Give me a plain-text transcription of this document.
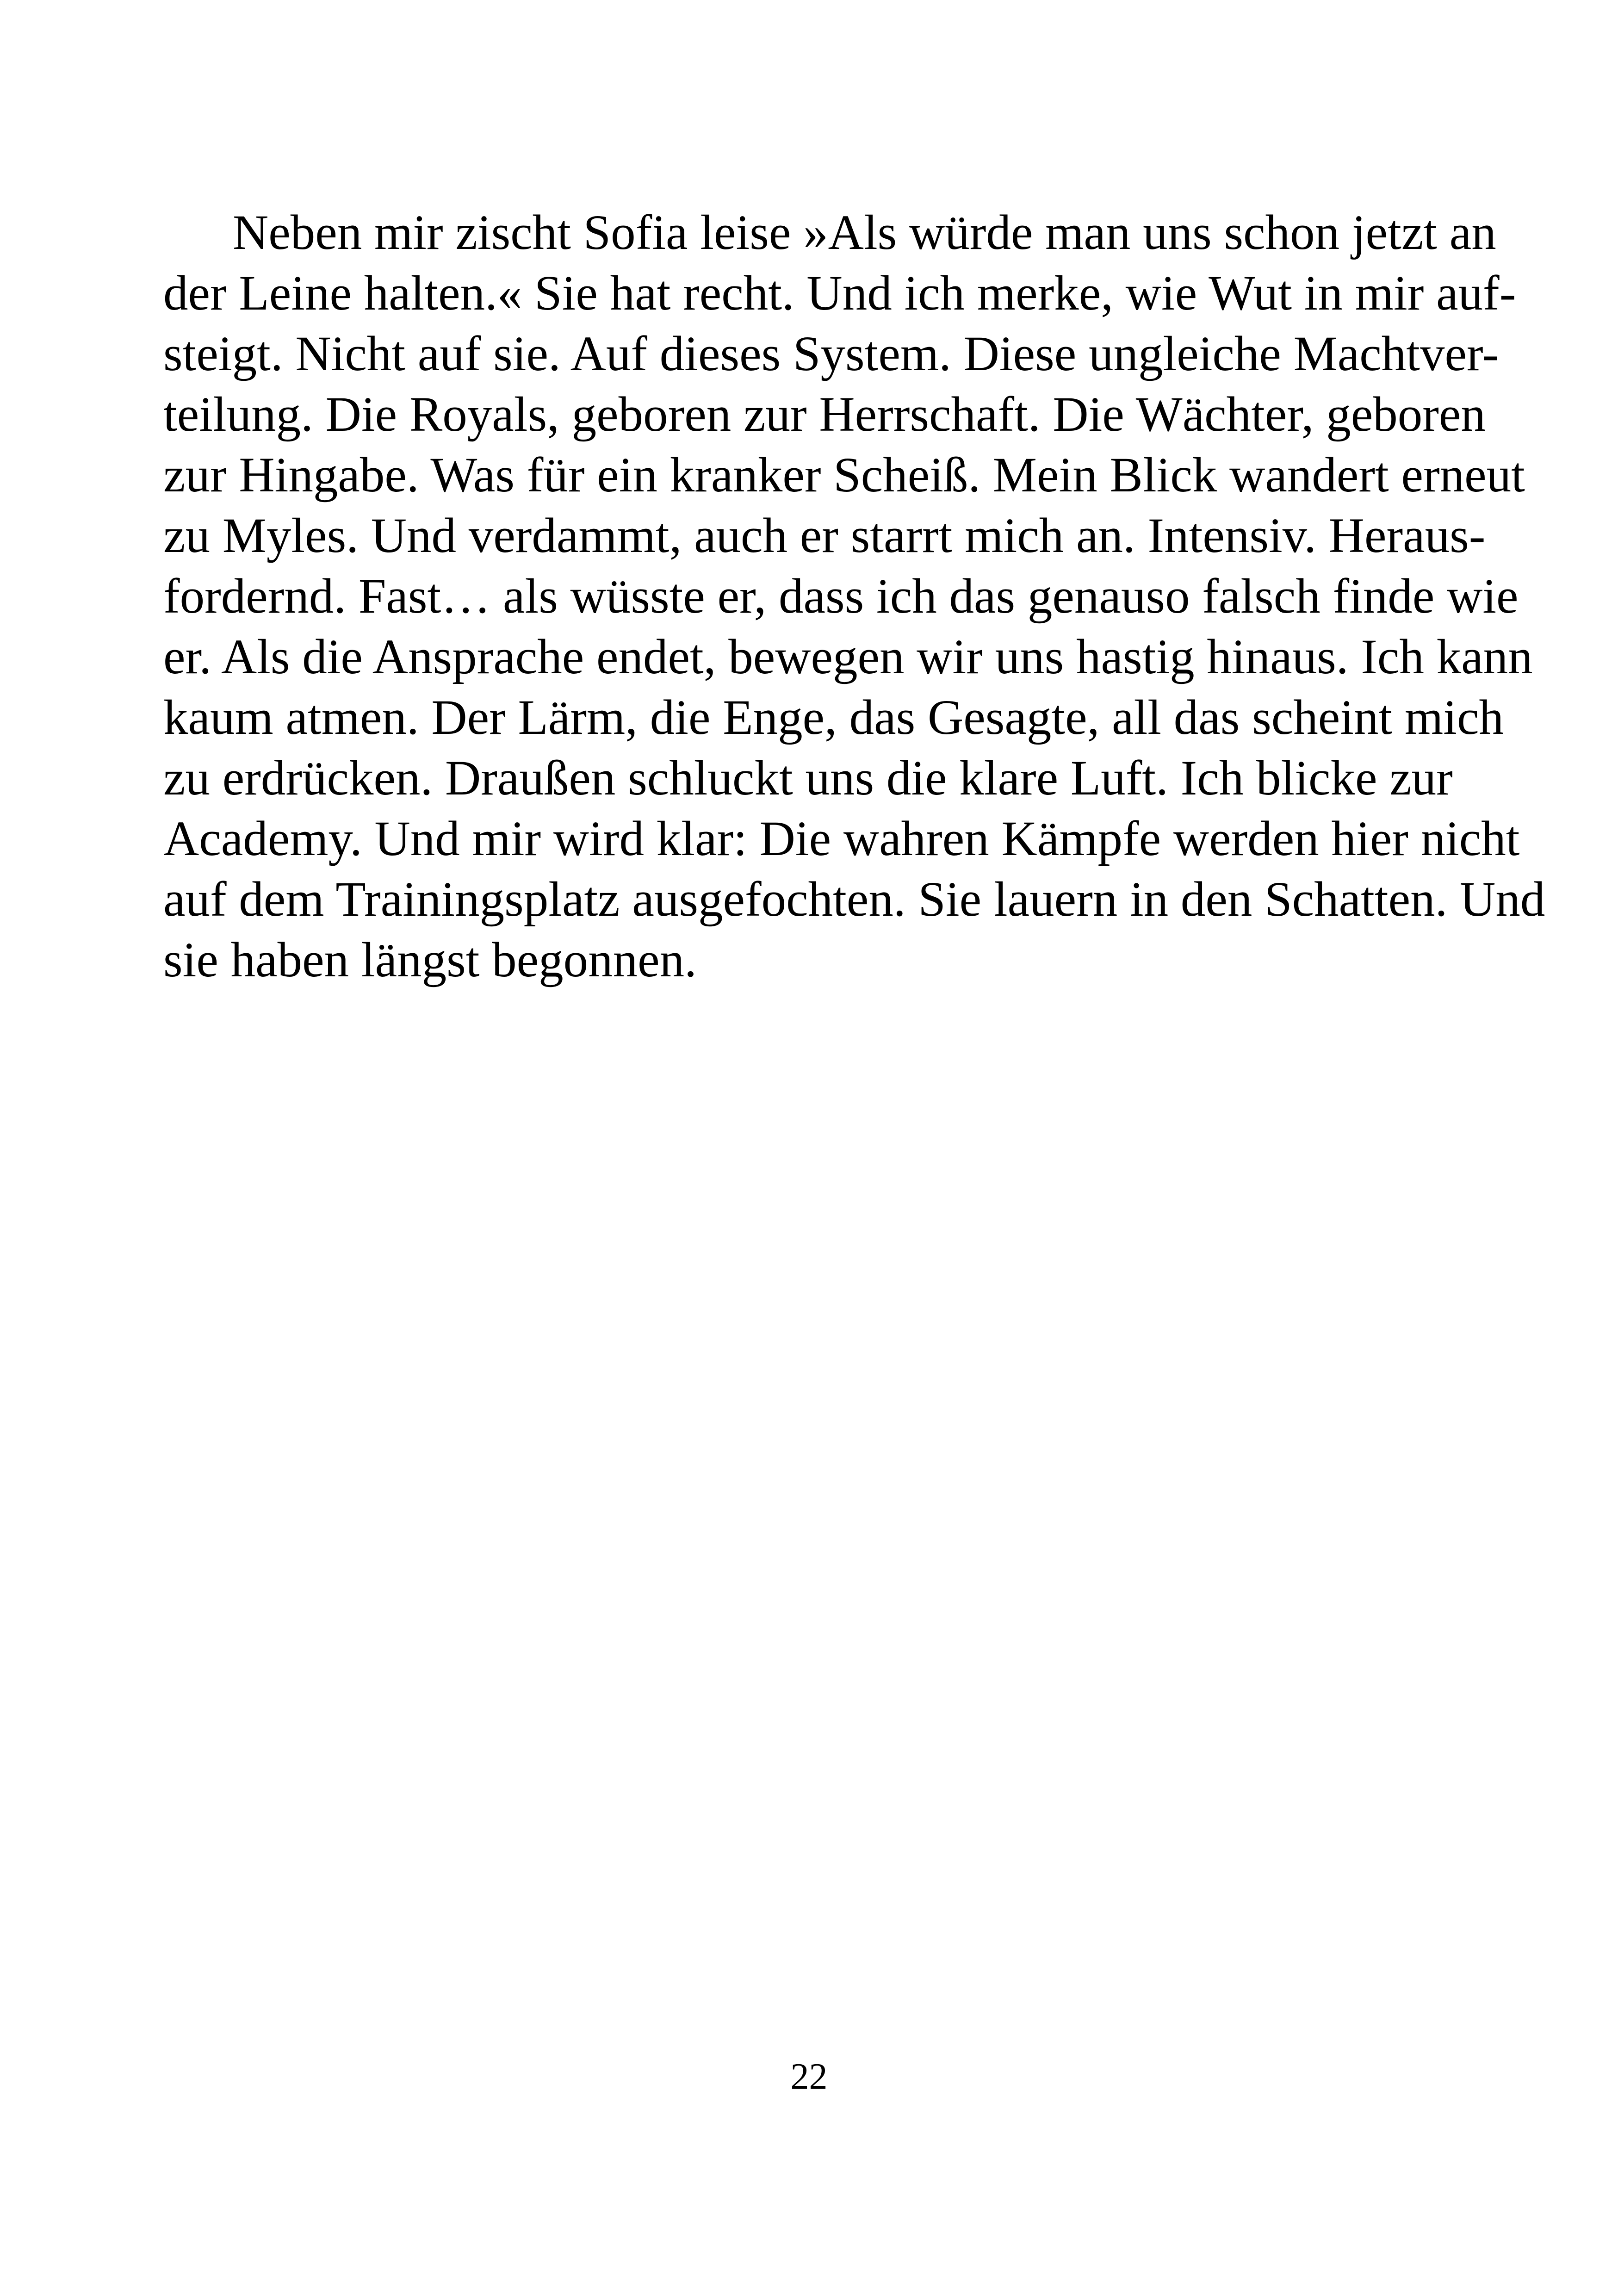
Neben mir zischt Sofia leise »Als würde man uns schon jetzt an
der Leine halten.« Sie hat recht. Und ich merke, wie Wut in mir auf-
steigt. Nicht auf sie. Auf dieses System. Diese ungleiche Machtver-
teilung. Die Royals, geboren zur Herrschaft. Die Wächter, geboren
zur Hingabe. Was für ein kranker Scheiß. Mein Blick wandert erneut
zu Myles. Und verdammt, auch er starrt mich an. Intensiv. Heraus-
fordernd. Fast… als wüsste er, dass ich das genauso falsch finde wie
er. Als die Ansprache endet, bewegen wir uns hastig hinaus. Ich kann
kaum atmen. Der Lärm, die Enge, das Gesagte, all das scheint mich
zu erdrücken. Draußen schluckt uns die klare Luft. Ich blicke zur
Academy. Und mir wird klar: Die wahren Kämpfe werden hier nicht
auf dem Trainingsplatz ausgefochten. Sie lauern in den Schatten. Und
sie haben längst begonnen.

22
